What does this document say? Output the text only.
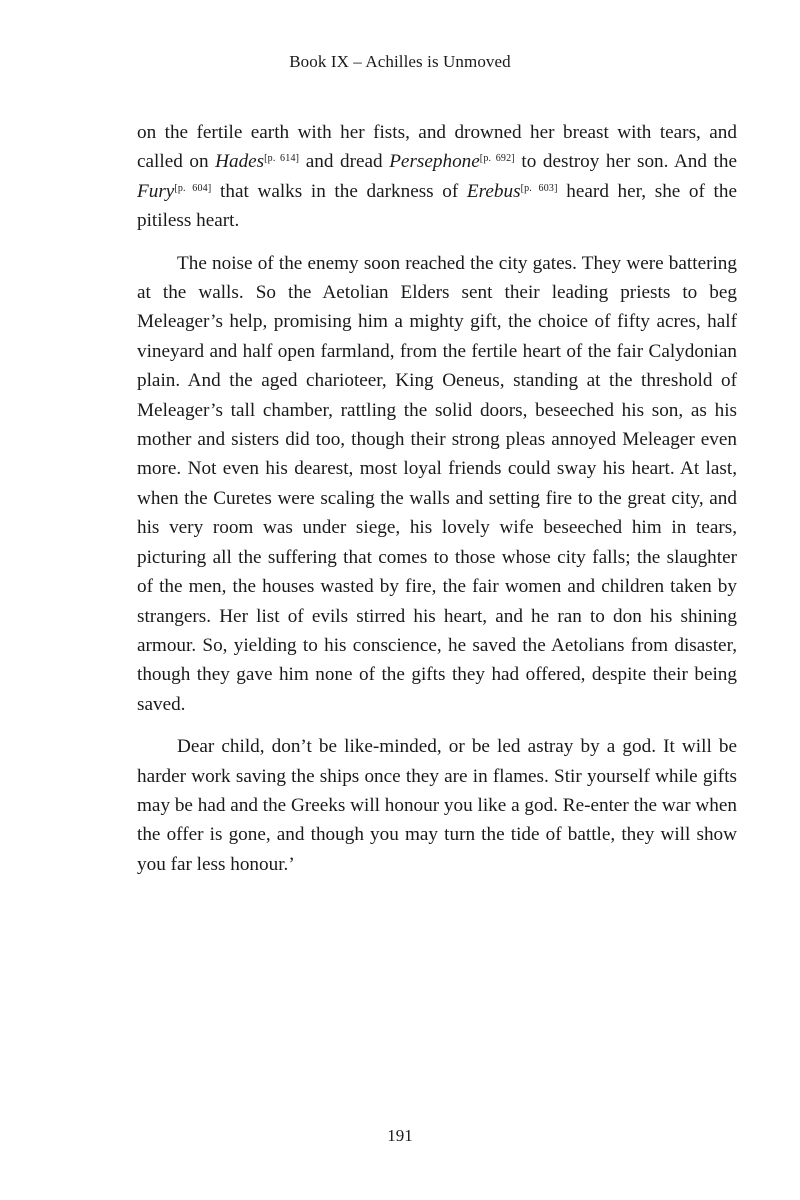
Book IX – Achilles is Unmoved

on the fertile earth with her fists, and drowned her breast with tears, and called on Hades[p. 614] and dread Persephone[p. 692] to destroy her son. And the Fury[p. 604] that walks in the darkness of Erebus[p. 603] heard her, she of the pitiless heart.

The noise of the enemy soon reached the city gates. They were battering at the walls. So the Aetolian Elders sent their leading priests to beg Meleager’s help, promising him a mighty gift, the choice of fifty acres, half vineyard and half open farmland, from the fertile heart of the fair Calydonian plain. And the aged charioteer, King Oeneus, standing at the threshold of Meleager’s tall chamber, rattling the solid doors, beseeched his son, as his mother and sisters did too, though their strong pleas annoyed Meleager even more. Not even his dearest, most loyal friends could sway his heart. At last, when the Curetes were scaling the walls and setting fire to the great city, and his very room was under siege, his lovely wife beseeched him in tears, picturing all the suffering that comes to those whose city falls; the slaughter of the men, the houses wasted by fire, the fair women and children taken by strangers. Her list of evils stirred his heart, and he ran to don his shining armour. So, yielding to his conscience, he saved the Aetolians from disaster, though they gave him none of the gifts they had offered, despite their being saved.

Dear child, don’t be like-minded, or be led astray by a god. It will be harder work saving the ships once they are in flames. Stir yourself while gifts may be had and the Greeks will honour you like a god. Re-enter the war when the offer is gone, and though you may turn the tide of battle, they will show you far less honour.’

191
